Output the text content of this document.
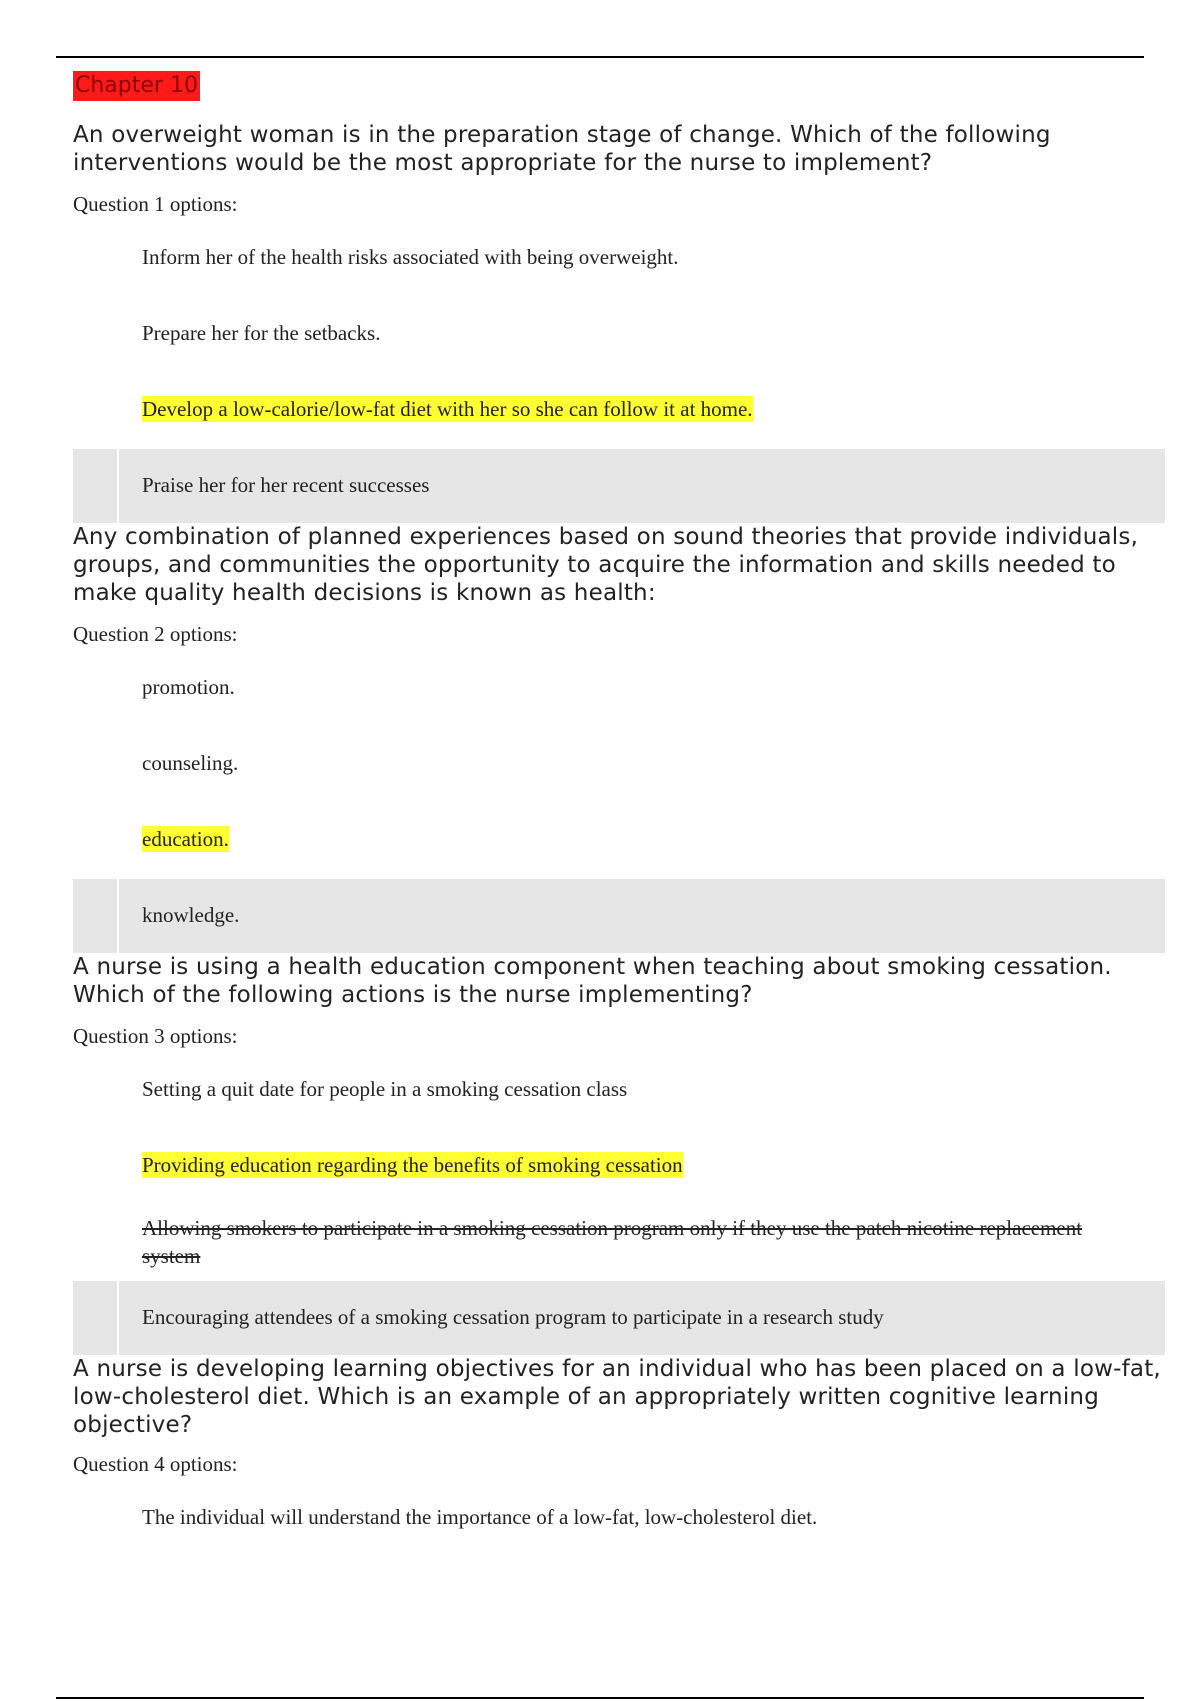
Chapter 10
An overweight woman is in the preparation stage of change. Which of the following interventions would be the most appropriate for the nurse to implement?
Question 1 options:
Inform her of the health risks associated with being overweight.
Prepare her for the setbacks.
Develop a low-calorie/low-fat diet with her so she can follow it at home.
Praise her for her recent successes
Any combination of planned experiences based on sound theories that provide individuals, groups, and communities the opportunity to acquire the information and skills needed to make quality health decisions is known as health:
Question 2 options:
promotion.
counseling.
education.
knowledge.
A nurse is using a health education component when teaching about smoking cessation. Which of the following actions is the nurse implementing?
Question 3 options:
Setting a quit date for people in a smoking cessation class
Providing education regarding the benefits of smoking cessation
Allowing smokers to participate in a smoking cessation program only if they use the patch nicotine replacement system
Encouraging attendees of a smoking cessation program to participate in a research study
A nurse is developing learning objectives for an individual who has been placed on a low-fat, low-cholesterol diet. Which is an example of an appropriately written cognitive learning objective?
Question 4 options:
The individual will understand the importance of a low-fat, low-cholesterol diet.
